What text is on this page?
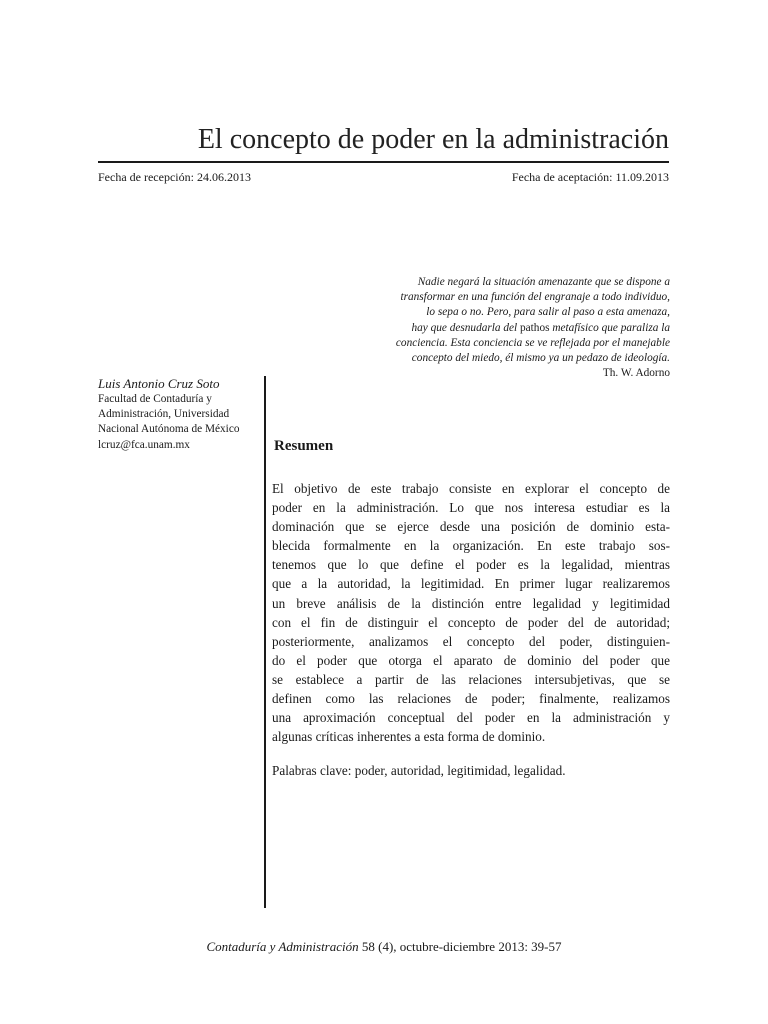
El concepto de poder en la administración
Fecha de recepción: 24.06.2013	Fecha de aceptación: 11.09.2013
Nadie negará la situación amenazante que se dispone a
transformar en una función del engranaje a todo individuo,
lo sepa o no. Pero, para salir al paso a esta amenaza,
hay que desnudarla del pathos metafísico que paraliza la
conciencia. Esta conciencia se ve reflejada por el manejable
concepto del miedo, él mismo ya un pedazo de ideología.
Th. W. Adorno
Luis Antonio Cruz Soto
Facultad de Contaduría y
Administración, Universidad
Nacional Autónoma de México
lcruz@fca.unam.mx	Resumen
El objetivo de este trabajo consiste en explorar el concepto de
poder en la administración. Lo que nos interesa estudiar es la
dominación que se ejerce desde una posición de dominio esta-
blecida formalmente en la organización. En este trabajo sos-
tenemos que lo que define el poder es la legalidad, mientras
que a la autoridad, la legitimidad. En primer lugar realizaremos
un breve análisis de la distinción entre legalidad y legitimidad
con el fin de distinguir el concepto de poder del de autoridad;
posteriormente, analizamos el concepto del poder, distinguien-
do el poder que otorga el aparato de dominio del poder que
se establece a partir de las relaciones intersubjetivas, que se
definen como las relaciones de poder; finalmente, realizamos
una aproximación conceptual del poder en la administración y
algunas críticas inherentes a esta forma de dominio.
Palabras clave: poder, autoridad, legitimidad, legalidad.
Contaduría y Administración 58 (4), octubre-diciembre 2013: 39-57
